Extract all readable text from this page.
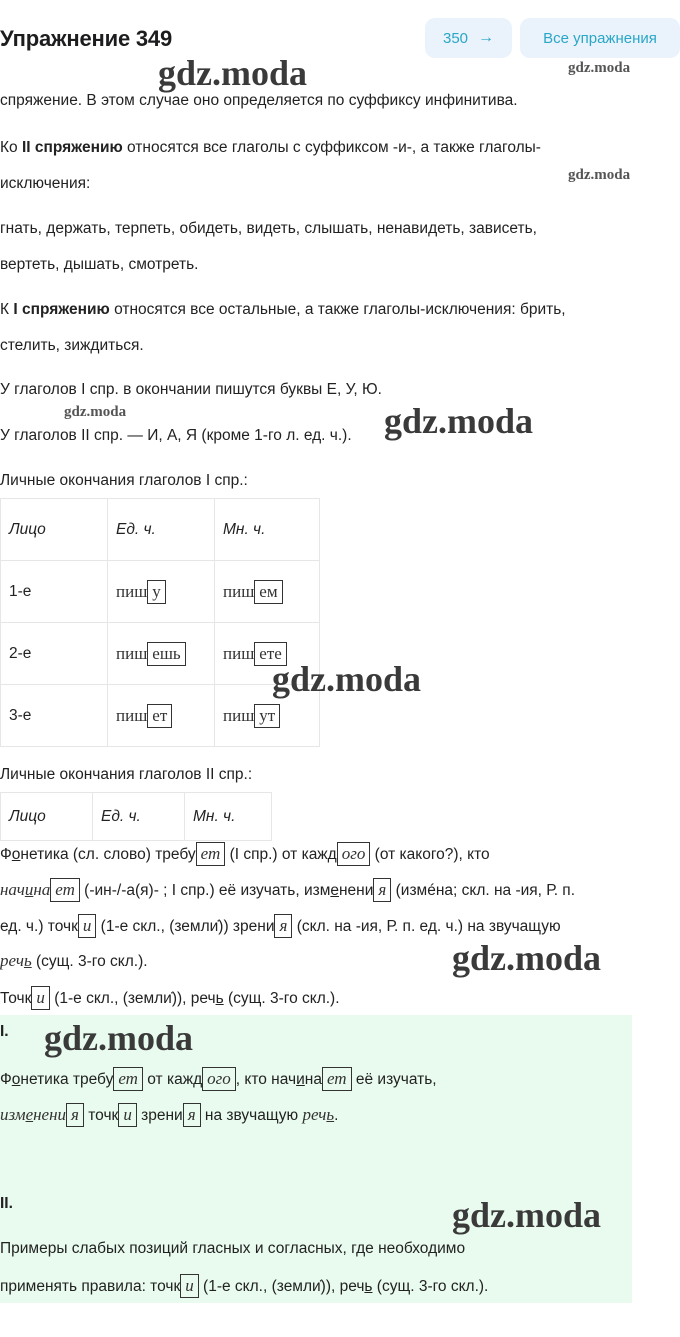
Упражнение 349	350 →	Все упражнения
спряжение. В этом случае оно определяется по суффиксу инфинитива.
Ко II спряжению относятся все глаголы с суффиксом -и-, а также глаголы-
исключения:
гнать, держать, терпеть, обидеть, видеть, слышать, ненавидеть, зависеть,
вертеть, дышать, смотреть.
К I спряжению относятся все остальные, а также глаголы-исключения: брить,
стелить, зиждиться.
У глаголов I спр. в окончании пишутся буквы Е, У, Ю.
У глаголов II спр. — И, А, Я (кроме 1-го л. ед. ч.).
Личные окончания глаголов I спр.:
Лицо	Ед. ч.	Мн. ч.
1-е	пиш у	пиш ем
2-е	пиш ешь	пиш ете
3-е	пиш ет	пиш ут
Личные окончания глаголов II спр.:
Лицо	Ед. ч.	Мн. ч.
Фонетика (сл. слово) требу ет (I спр.) от кажд ого (от какого?), кто
начина ет (-ин-/-а(я)- ; I спр.) её изучать, изменени я (измéна; скл. на -ия, Р. п.
ед. ч.) точк и (1-е скл., (земли̇)) зрени я (скл. на -ия, Р. п. ед. ч.) на звучащую
речь (сущ. 3-го скл.).
Точк и (1-е скл., (земли̇)), речь (сущ. 3-го скл.).
I.
Фонетика требу ет от кажд ого , кто начина ет её изучать,
изменени я точк и зрени я на звучащую речь.
II.
Примеры слабых позиций гласных и согласных, где необходимо
применять правила: точк и (1-е скл., (земли̇)), речь (сущ. 3-го скл.).
gdz.moda	gdz.moda
gdz.moda
gdz.moda	gdz.moda
gdz.moda
gdz.moda
gdz.moda
gdz.moda
